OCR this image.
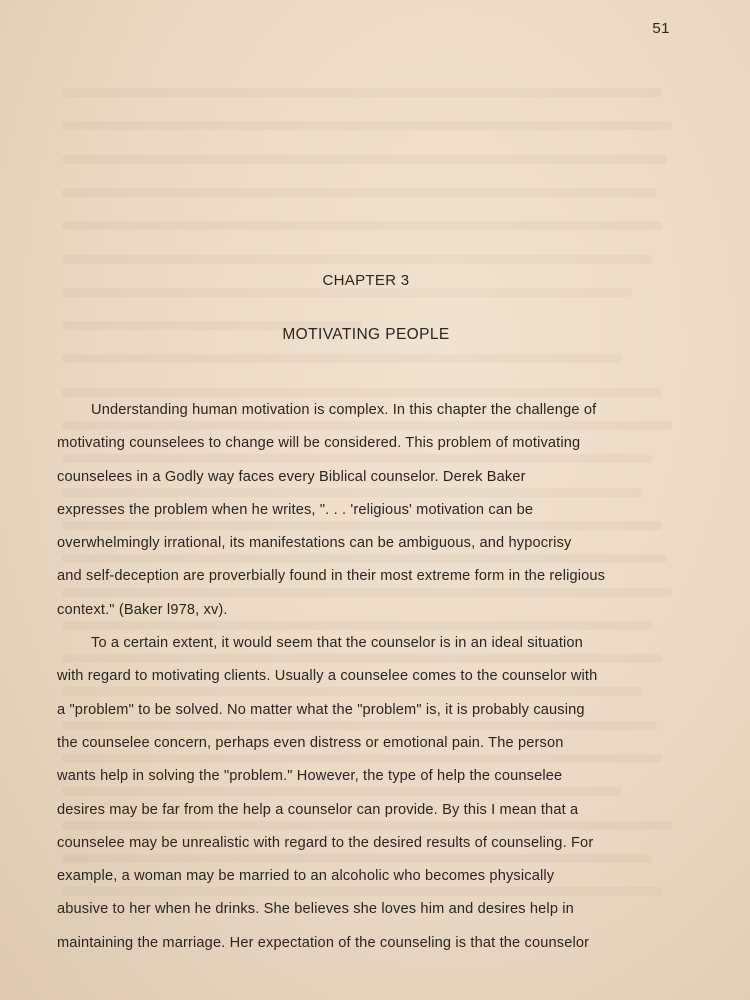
51
CHAPTER 3
MOTIVATING PEOPLE
Understanding human motivation is complex. In this chapter the challenge of
motivating counselees to change will be considered. This problem of motivating
counselees in a Godly way faces every Biblical counselor. Derek Baker
expresses the problem when he writes, ". . . 'religious' motivation can be
overwhelmingly irrational, its manifestations can be ambiguous, and hypocrisy
and self-deception are proverbially found in their most extreme form in the religious
context." (Baker l978, xv).
To a certain extent, it would seem that the counselor is in an ideal situation
with regard to motivating clients. Usually a counselee comes to the counselor with
a "problem" to be solved. No matter what the "problem" is, it is probably causing
the counselee concern, perhaps even distress or emotional pain. The person
wants help in solving the "problem." However, the type of help the counselee
desires may be far from the help a counselor can provide. By this I mean that a
counselee may be unrealistic with regard to the desired results of counseling. For
example, a woman may be married to an alcoholic who becomes physically
abusive to her when he drinks. She believes she loves him and desires help in
maintaining the marriage. Her expectation of the counseling is that the counselor
